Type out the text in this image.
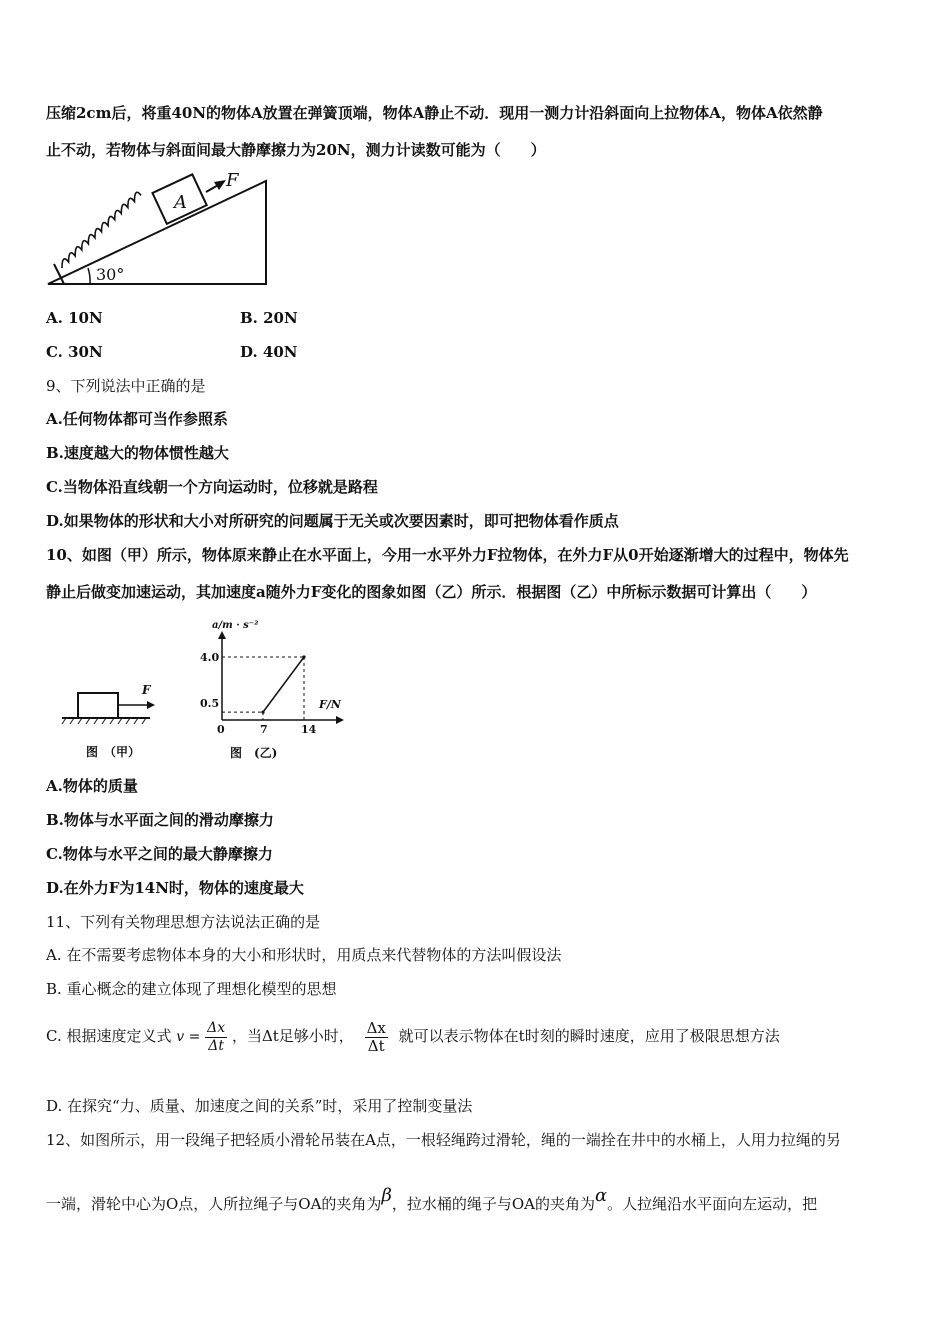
压缩2cm后，将重40N的物体A放置在弹簧顶端，物体A静止不动．现用一测力计沿斜面向上拉物体A，物体A依然静
止不动，若物体与斜面间最大静摩擦力为20N，测力计读数可能为（　　）
A
F
30°
A. 10N	B. 20N
C. 30N	D. 40N
9、下列说法中正确的是
A.任何物体都可当作参照系
B.速度越大的物体惯性越大
C.当物体沿直线朝一个方向运动时，位移就是路程
D.如果物体的形状和大小对所研究的问题属于无关或次要因素时，即可把物体看作质点
10、如图（甲）所示，物体原来静止在水平面上，今用一水平外力F拉物体，在外力F从0开始逐渐增大的过程中，物体先
静止后做变加速运动，其加速度a随外力F变化的图象如图（乙）所示．根据图（乙）中所标示数据可计算出（　　）
F
图　（甲）
a/m · s⁻²
F/N
0
4.0
0.5
7	14
图　(乙)
A.物体的质量
B.物体与水平面之间的滑动摩擦力
C.物体与水平之间的最大静摩擦力
D.在外力F为14N时，物体的速度最大
11、下列有关物理思想方法说法正确的是
A. 在不需要考虑物体本身的大小和形状时，用质点来代替物体的方法叫假设法
B. 重心概念的建立体现了理想化模型的思想
C. 根据速度定义式 $v = \frac{\Delta x}{\Delta t}$ ，当Δt足够小时， $\frac{\Delta x}{\Delta t}$ 就可以表示物体在t时刻的瞬时速度，应用了极限思想方法
D. 在探究“力、质量、加速度之间的关系”时，采用了控制变量法
12、如图所示，用一段绳子把轻质小滑轮吊装在A点，一根轻绳跨过滑轮，绳的一端拴在井中的水桶上，人用力拉绳的另
一端，滑轮中心为O点，人所拉绳子与OA的夹角为β，拉水桶的绳子与OA的夹角为α。人拉绳沿水平面向左运动，把
